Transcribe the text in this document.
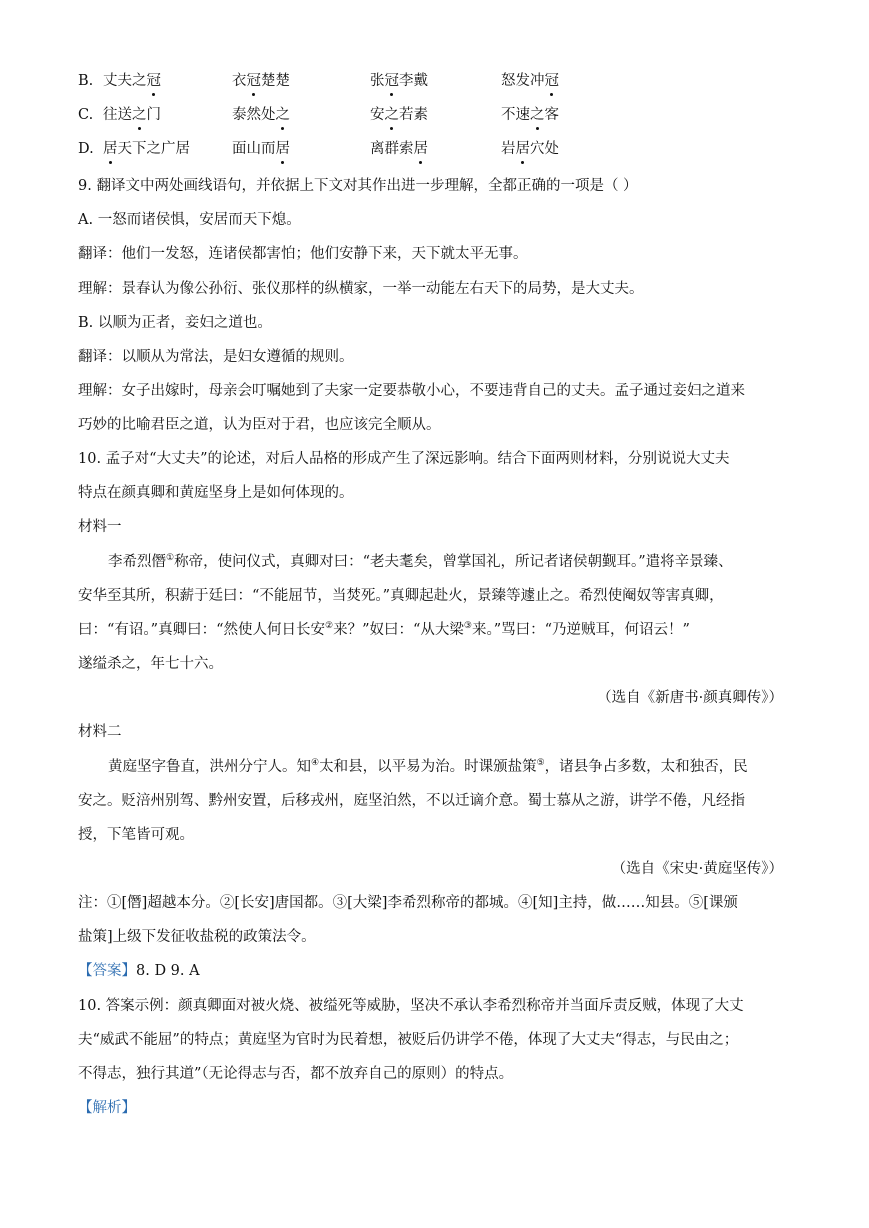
B. 丈夫之冠	衣冠楚楚	张冠李戴	怒发冲冠
C. 往送之门	泰然处之	安之若素	不速之客
D. 居天下之广居	面山而居	离群索居	岩居穴处
9. 翻译文中两处画线语句，并依据上下文对其作出进一步理解，全都正确的一项是（ ）
A. 一怒而诸侯惧，安居而天下熄。
翻译：他们一发怒，连诸侯都害怕；他们安静下来，天下就太平无事。
理解：景春认为像公孙衍、张仪那样的纵横家，一举一动能左右天下的局势，是大丈夫。
B. 以顺为正者，妾妇之道也。
翻译：以顺从为常法，是妇女遵循的规则。
理解：女子出嫁时，母亲会叮嘱她到了夫家一定要恭敬小心，不要违背自己的丈夫。孟子通过妾妇之道来
巧妙的比喻君臣之道，认为臣对于君，也应该完全顺从。
10. 孟子对“大丈夫”的论述，对后人品格的形成产生了深远影响。结合下面两则材料，分别说说大丈夫
特点在颜真卿和黄庭坚身上是如何体现的。
材料一
李希烈僭①称帝，使问仪式，真卿对曰：“老夫耄矣，曾掌国礼，所记者诸侯朝觐耳。”遣将辛景臻、
安华至其所，积薪于廷曰：“不能屈节，当焚死。”真卿起赴火，景臻等遽止之。希烈使阉奴等害真卿，
曰：“有诏。”真卿曰：“然使人何日长安②来？”奴曰：“从大梁③来。”骂曰：“乃逆贼耳，何诏云！”
遂缢杀之，年七十六。
（选自《新唐书·颜真卿传》）
材料二
黄庭坚字鲁直，洪州分宁人。知④太和县，以平易为治。时课颁盐策⑤，诸县争占多数，太和独否，民
安之。贬涪州别驾、黔州安置，后移戎州，庭坚泊然，不以迁谪介意。蜀士慕从之游，讲学不倦，凡经指
授，下笔皆可观。
（选自《宋史·黄庭坚传》）
注：①[僭]超越本分。②[长安]唐国都。③[大梁]李希烈称帝的都城。④[知]主持，做……知县。⑤[课颁
盐策]上级下发征收盐税的政策法令。
【答案】8. D 9. A
10. 答案示例：颜真卿面对被火烧、被缢死等威胁，坚决不承认李希烈称帝并当面斥责反贼，体现了大丈
夫“威武不能屈”的特点；黄庭坚为官时为民着想，被贬后仍讲学不倦，体现了大丈夫“得志，与民由之；
不得志，独行其道”（无论得志与否，都不放弃自己的原则）的特点。
【解析】
